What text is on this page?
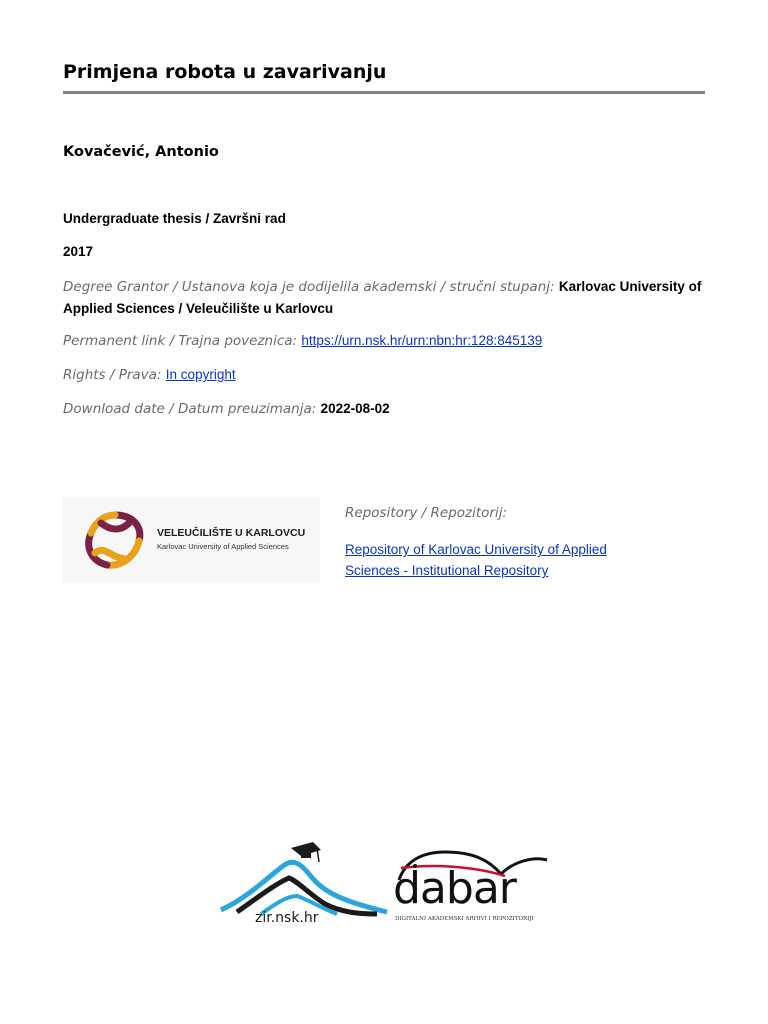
Primjena robota u zavarivanju
Kovačević, Antonio
Undergraduate thesis / Završni rad
2017
Degree Grantor / Ustanova koja je dodijelila akademski / stručni stupanj: Karlovac University of Applied Sciences / Veleučilište u Karlovcu
Permanent link / Trajna poveznica: https://urn.nsk.hr/urn:nbn:hr:128:845139
Rights / Prava: In copyright
Download date / Datum preuzimanja: 2022-08-02
VELEUČILIŠTE U KARLOVCU
Karlovac University of Applied Sciences
Repository / Repozitorij:
Repository of Karlovac University of Applied Sciences - Institutional Repository
zir.nsk.hr
dabar
DIGITALNI AKADEMSKI ARHIVI I REPOZITORIJI
